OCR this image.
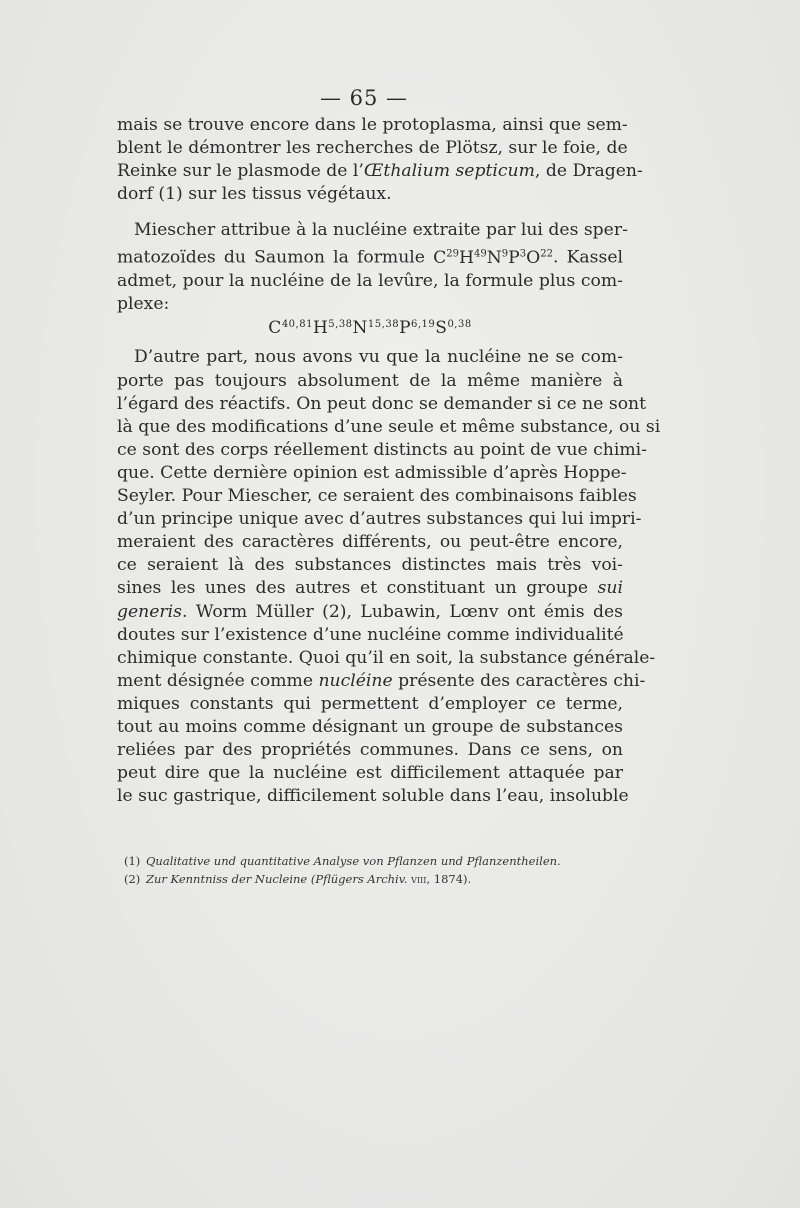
— 65 —

mais se trouve encore dans le protoplasma, ainsi que sem-
blent le démontrer les recherches de Plötsz, sur le foie, de
Reinke sur le plasmode de l’Œthalium septicum, de Dragen-
dorf (1) sur les tissus végétaux.

Miescher attribue à la nucléine extraite par lui des sper-
matozoïdes du Saumon la formule $C^{29}H^{49}N^9P^3O^{22}$. Kassel
admet, pour la nucléine de la levûre, la formule plus com-
plexe:

$C^{40,81}H^{5,38}N^{15,38}P^{6,19}S^{0,38}$

D’autre part, nous avons vu que la nucléine ne se com-
porte pas toujours absolument de la même manière à
l’égard des réactifs. On peut donc se demander si ce ne sont
là que des modifications d’une seule et même substance, ou si
ce sont des corps réellement distincts au point de vue chimi-
que. Cette dernière opinion est admissible d’après Hoppe-
Seyler. Pour Miescher, ce seraient des combinaisons faibles
d’un principe unique avec d’autres substances qui lui impri-
meraient des caractères différents, ou peut-être encore,
ce seraient là des substances distinctes mais très voi-
sines les unes des autres et constituant un groupe sui
generis. Worm Müller (2), Lubawin, Lœnv ont émis des
doutes sur l’existence d’une nucléine comme individualité
chimique constante. Quoi qu’il en soit, la substance générale-
ment désignée comme nucléine présente des caractères chi-
miques constants qui permettent d’employer ce terme,
tout au moins comme désignant un groupe de substances
reliées par des propriétés communes. Dans ce sens, on
peut dire que la nucléine est difficilement attaquée par
le suc gastrique, difficilement soluble dans l’eau, insoluble

(1) Qualitative und quantitative Analyse von Pflanzen und Pflanzentheilen.
(2) Zur Kenntniss der Nucleine (Pflügers Archiv. viii, 1874).
